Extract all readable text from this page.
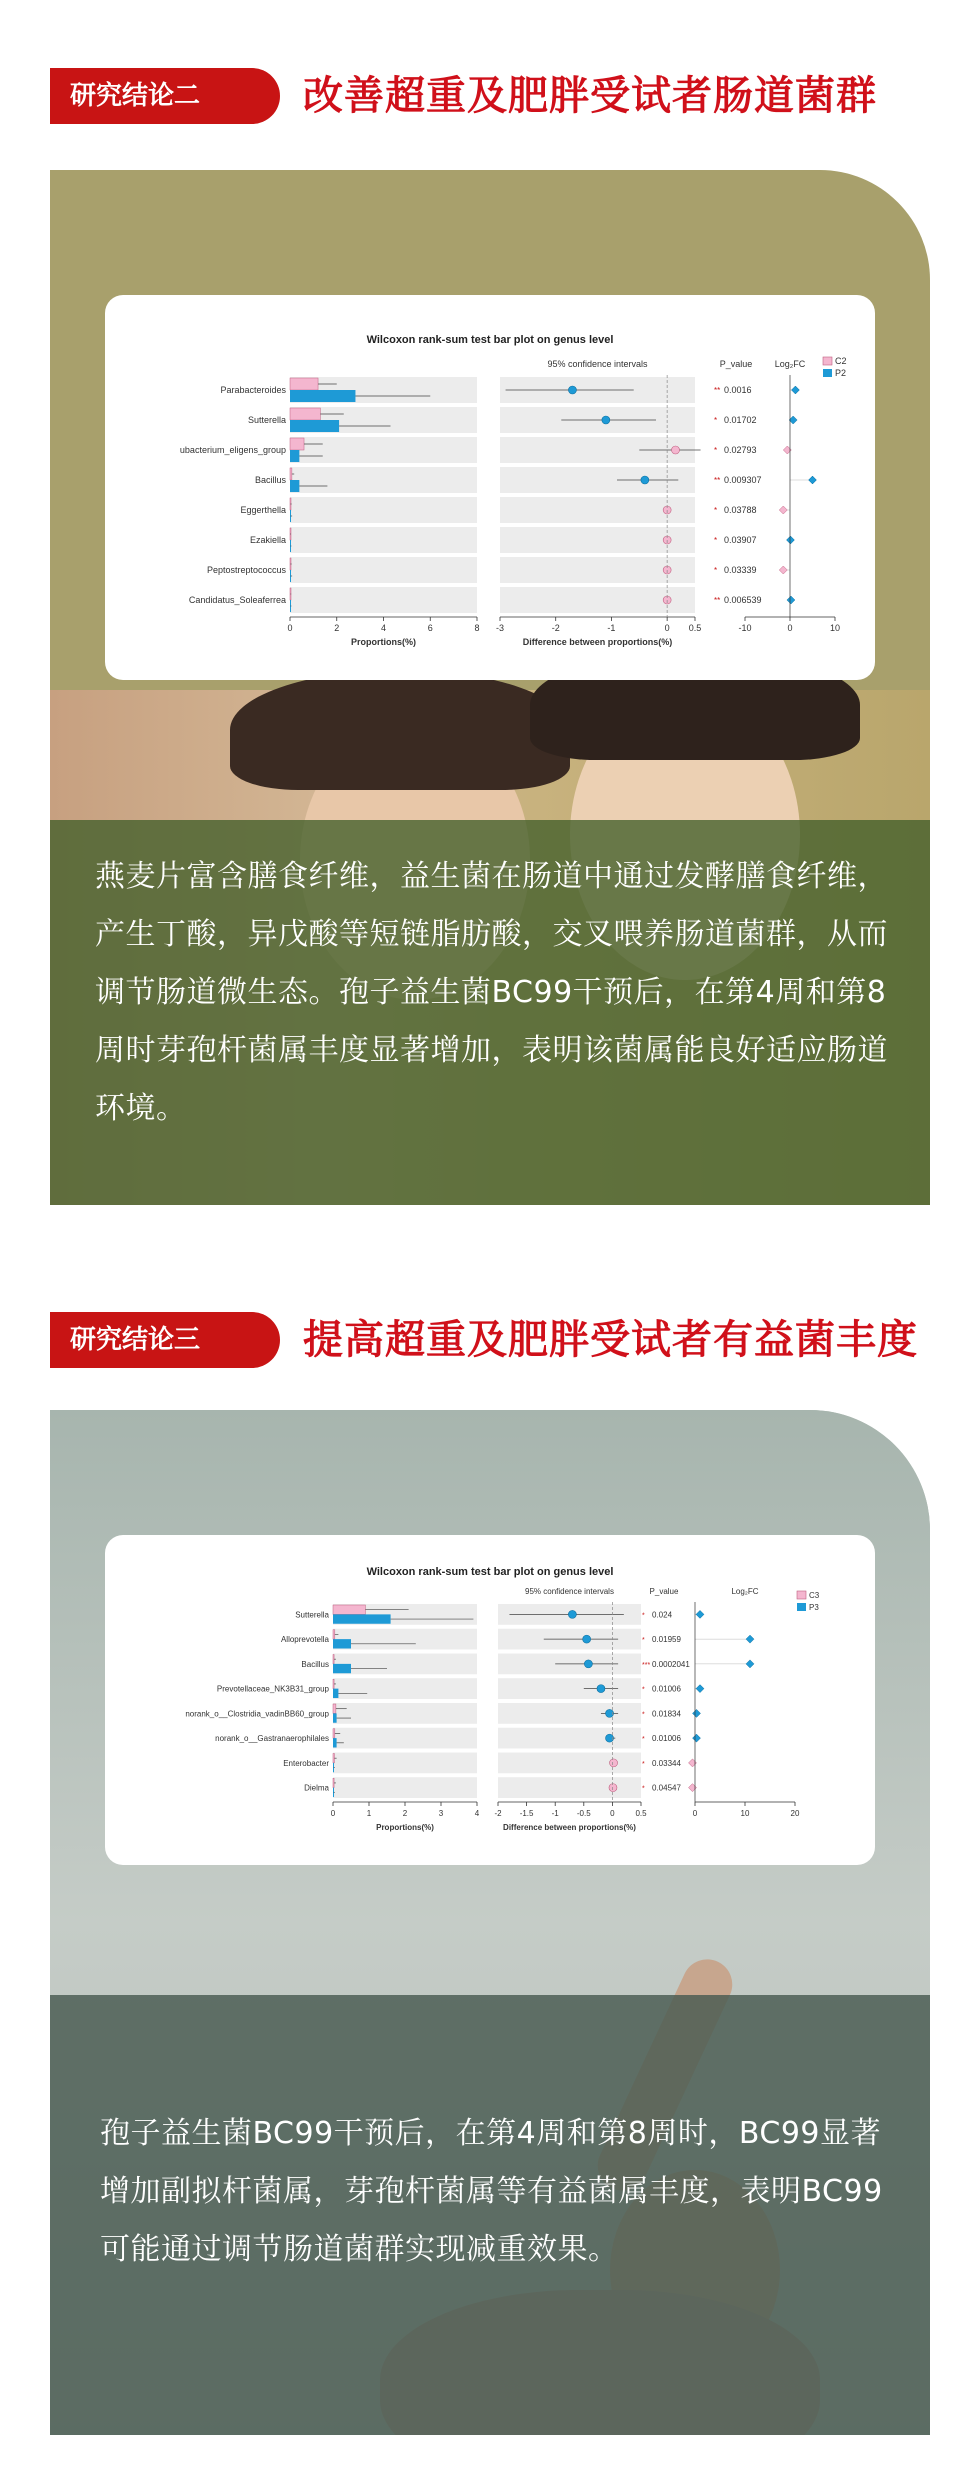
研究结论二	改善超重及肥胖受试者肠道菌群
Wilcoxon rank-sum test bar plot on genus level
95% confidence intervals	P_value Log₂FC	C2
P2
Parabacteroides	** 0.0016
Sutterella	* 0.01702
ubacterium_eligens_group	* 0.02793
Bacillus	** 0.009307
Eggerthella	* 0.03788
Ezakiella	* 0.03907
Peptostreptococcus	* 0.03339
Candidatus_Soleaferrea	** 0.006539
0	2	4	6	8
Proportions(%)
-3	-2	-1	0 0.5
Difference between proportions(%)
-10	0	10

燕麦片富含膳食纤维，益生菌在肠道中通过发酵膳食纤维，产生丁酸，异戊酸等短链脂肪酸，交叉喂养肠道菌群，从而调节肠道微生态。孢子益生菌BC99干预后，在第4周和第8周时芽孢杆菌属丰度显著增加，表明该菌属能良好适应肠道环境。

研究结论三	提高超重及肥胖受试者有益菌丰度
Wilcoxon rank-sum test bar plot on genus level
95% confidence intervals	P_value	Log₂FC	C3
P3
Sutterella	* 0.024
Alloprevotella	* 0.01959
Bacillus	*** 0.0002041
Prevotellaceae_NK3B31_group	* 0.01006
norank_o__Clostridia_vadinBB60_group	* 0.01834
norank_o__Gastranaerophilales	* 0.01006
Enterobacter	* 0.03344
Dielma	* 0.04547
0	1	2	3	4
Proportions(%)
-2 -1.5 -1 -0.5 0	0.5
Difference between proportions(%)
0	10	20

孢子益生菌BC99干预后，在第4周和第8周时，BC99显著增加副拟杆菌属，芽孢杆菌属等有益菌属丰度，表明BC99可能通过调节肠道菌群实现减重效果。
